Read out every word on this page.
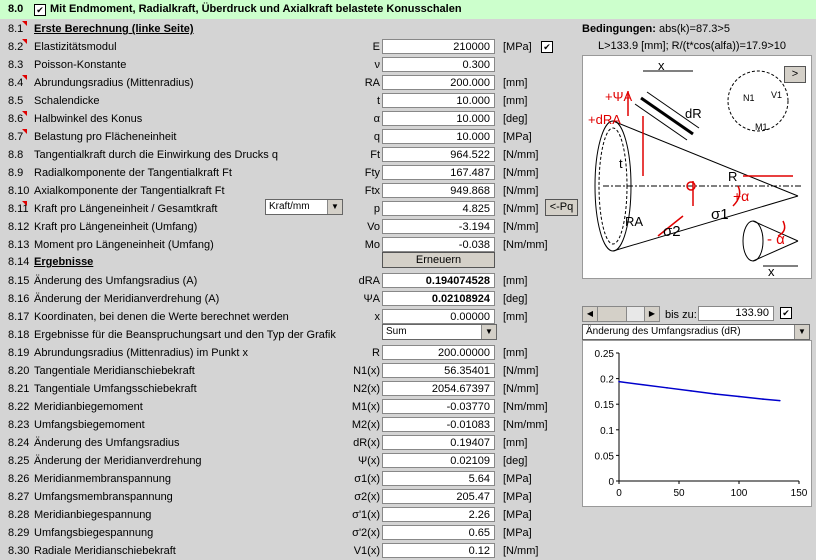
8.0 ✔ Mit Endmoment, Radialkraft, Überdruck und Axialkraft belastete Konusschalen
8.1 Erste Berechnung (linke Seite)
8.2 Elastizitätsmodul	E	210000	[MPa]
8.3 Poisson-Konstante	ν	0.300
8.4 Abrundungsradius (Mittenradius)	RA	200.000	[mm]
8.5 Schalendicke	t	10.000	[mm]
8.6 Halbwinkel des Konus	α	10.000	[deg]
8.7 Belastung pro Flächeneinheit	q	10.000	[MPa]
8.8 Tangentialkraft durch die Einwirkung des Drucks q	Ft	964.522	[N/mm]
8.9 Radialkomponente der Tangentialkraft Ft	Fty	167.487	[N/mm]
8.10 Axialkomponente der Tangentialkraft Ft	Ftx	949.868	[N/mm]
8.11 Kraft pro Längeneinheit / Gesamtkraft	p	4.825	[N/mm]
8.12 Kraft pro Längeneinheit (Umfang)	Vo	-3.194	[N/mm]
8.13 Moment pro Längeneinheit (Umfang)	Mo	-0.038	[Nm/mm]
8.14 Ergebnisse	Erneuern
8.15 Änderung des Umfangsradius (A)	dRA	0.194074528	[mm]
8.16 Änderung der Meridianverdrehung (A)	ΨA	0.02108924	[deg]
8.17 Koordinaten, bei denen die Werte berechnet werden	x	0.00000	[mm]
8.18 Ergebnisse für die Beanspruchungsart und den Typ der Grafik
8.19 Abrundungsradius (Mittenradius) im Punkt x	R	200.00000	[mm]
8.20 Tangentiale Meridianschiebekraft	N1(x)	56.35401	[N/mm]
8.21 Tangentiale Umfangsschiebekraft	N2(x)	2054.67397	[N/mm]
8.22 Meridianbiegemoment	M1(x)	-0.03770	[Nm/mm]
8.23 Umfangsbiegemoment	M2(x)	-0.01083	[Nm/mm]
8.24 Änderung des Umfangsradius	dR(x)	0.19407	[mm]
8.25 Änderung der Meridianverdrehung	Ψ(x)	0.02109	[deg]
8.26 Meridianmembranspannung	σ1(x)	5.64	[MPa]
8.27 Umfangsmembranspannung	σ2(x)	205.47	[MPa]
8.28 Meridianbiegespannung	σ'1(x)	2.26	[MPa]
8.29 Umfangsbiegespannung	σ'2(x)	0.65	[MPa]
8.30 Radiale Meridianschiebekraft	V1(x)	0.12	[N/mm]
✔
Kraft/mm	▼	<-Pq
Sum	▼
Bedingungen: abs(k)=87.3>5
L>133.9 [mm]; R/(t*cos(alfa))=17.9>10
x
+ΨA
+dRA	dR
t
R
+α
RA	σ1
σ2	- α
x
N1 V1
M1
>
◀	▶ bis zu:	133.90	✔
Änderung des Umfangsradius (dR)	▼
0
0.05
0.1
0.15
0.2
0.25
0	50	100	150
